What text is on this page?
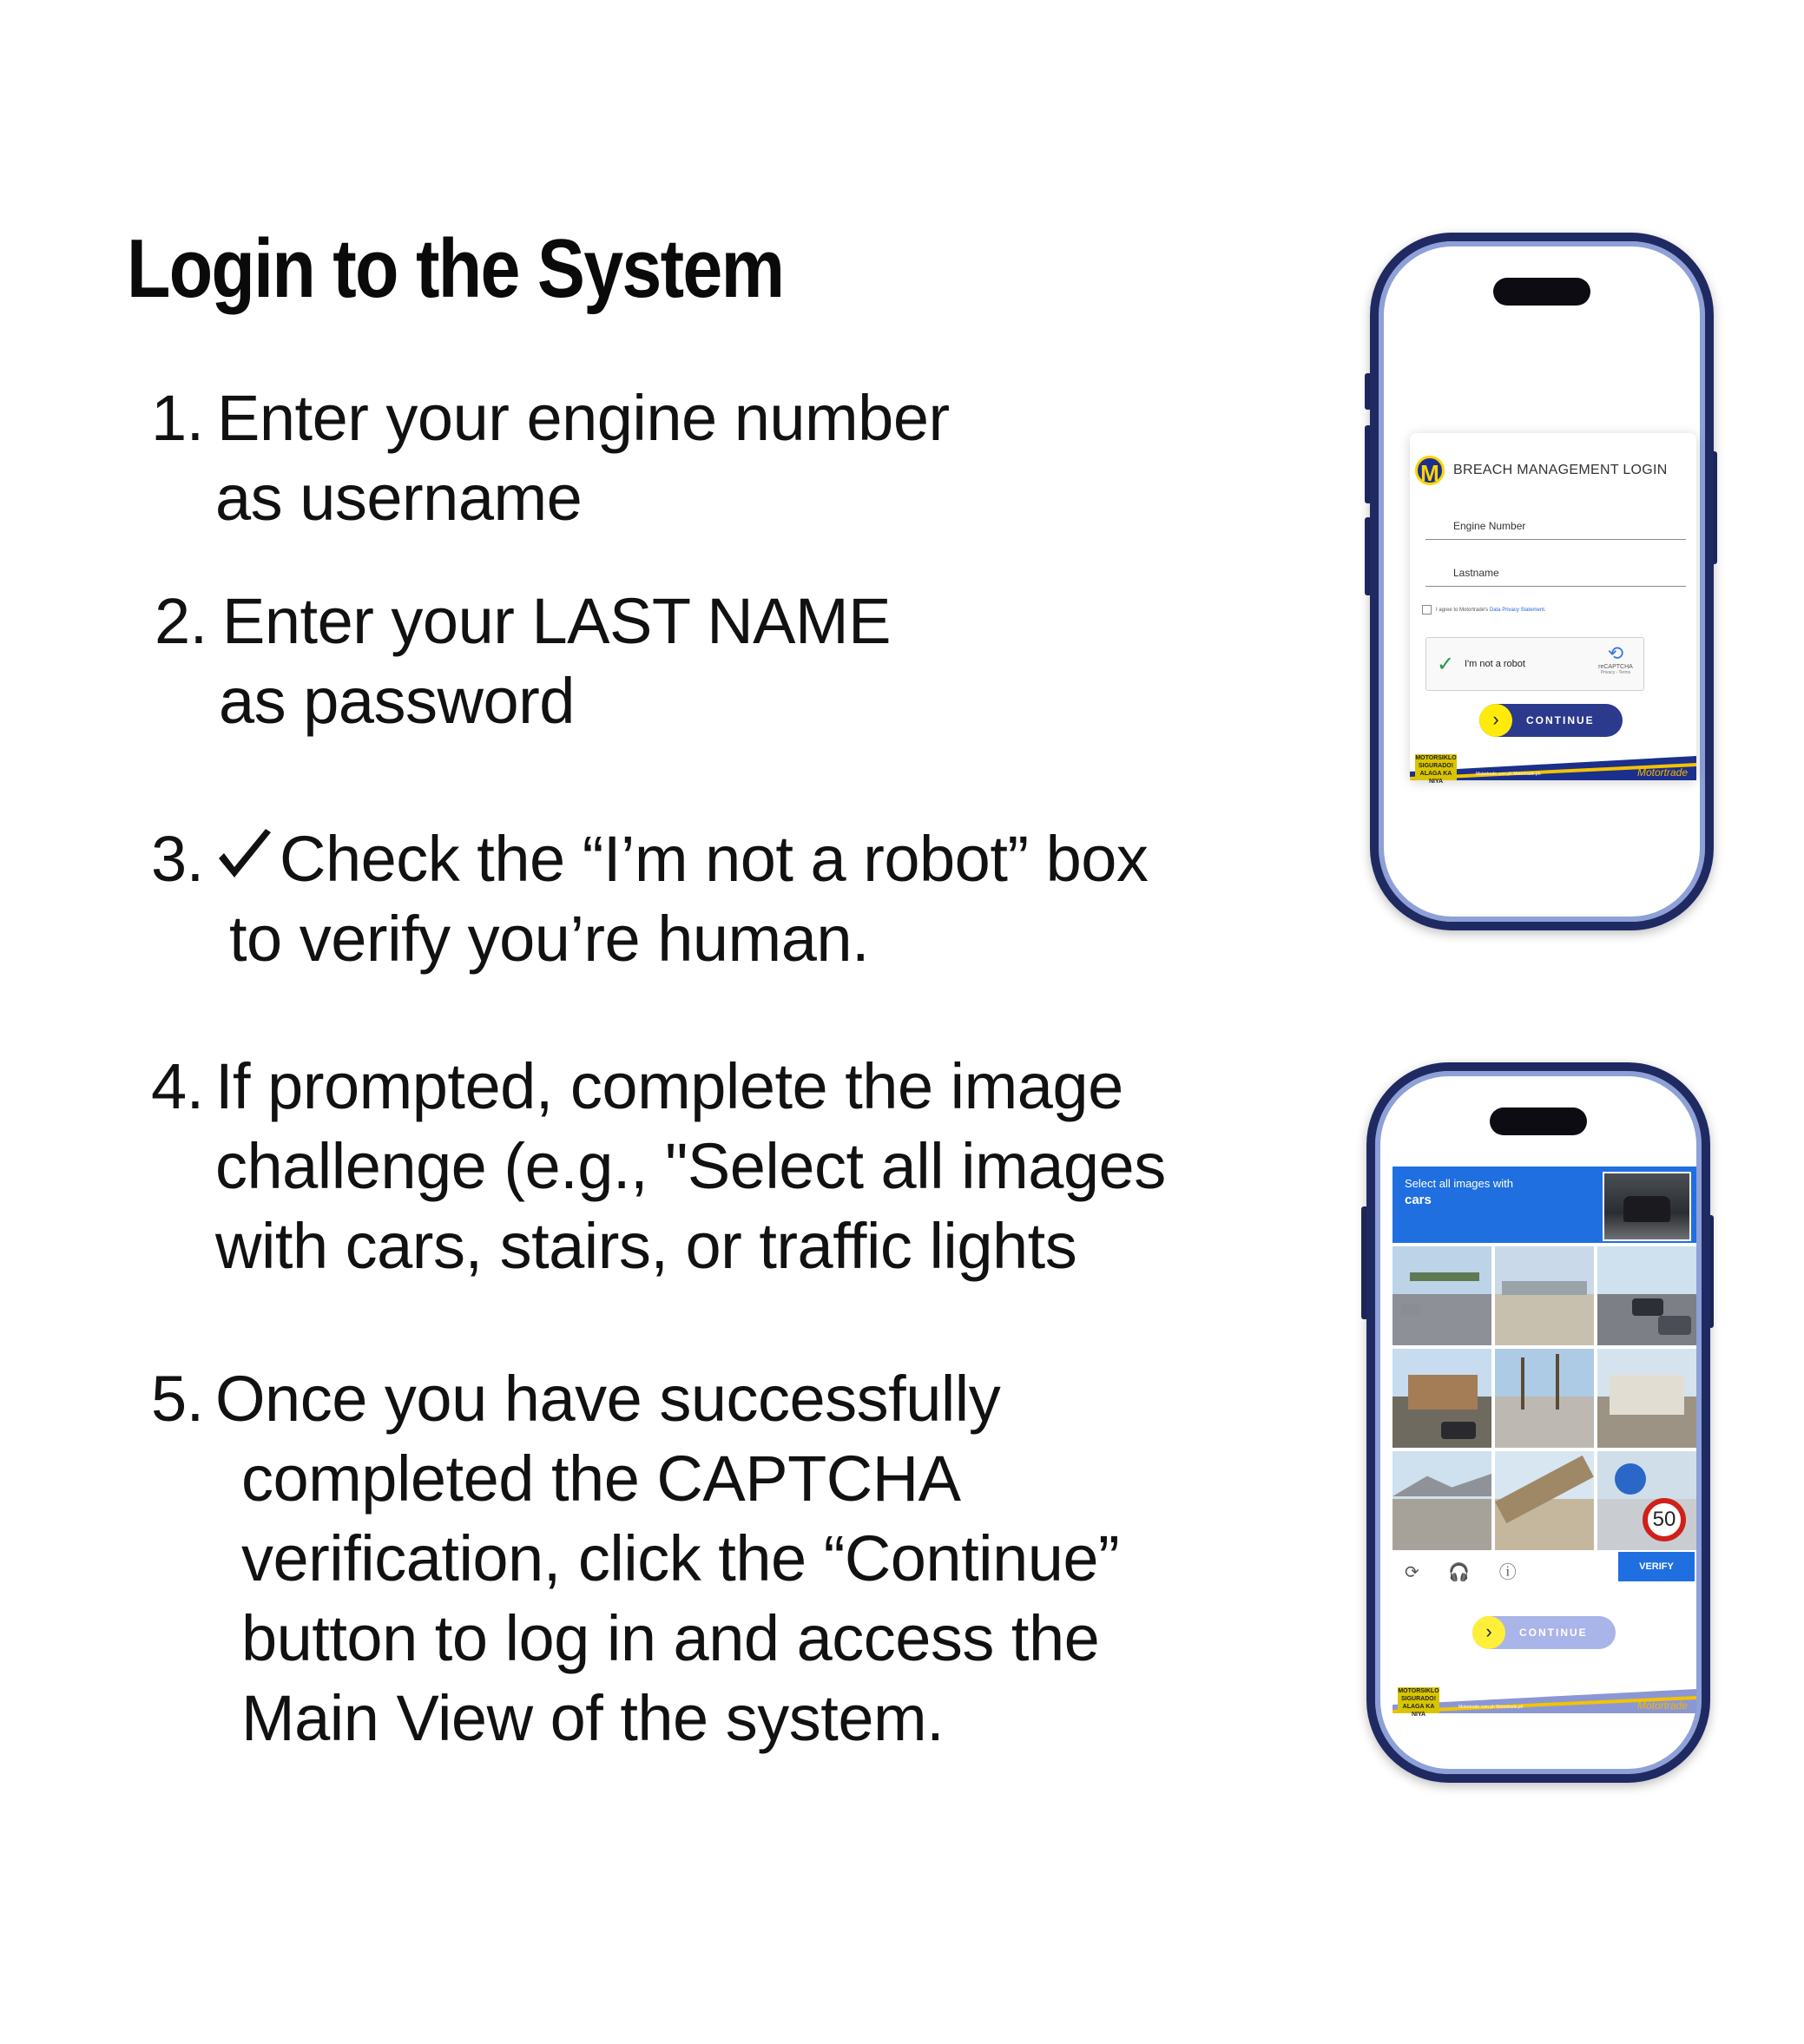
Login to the System
1. Enter your engine number
as username
2. Enter your LAST NAME
as password
3.	Check the “I’m not a robot” box
to verify you’re human.
4. If prompted, complete the image
challenge (e.g., "Select all images
with cars, stairs, or traffic lights
5. Once you have successfully
completed the CAPTCHA
verification, click the “Continue”
button to log in and access the
Main View of the system.
M	BREACH MANAGEMENT LOGIN
Engine Number
Lastname
I agree to Motortrade's Data Privacy Statement.
✓ I'm not a robot	⟲
reCAPTCHA
Privacy - Terms
›	CONTINUE
MOTORSIKLO SIGURADO! ALAGA KA NIYA
Motortrade.com.ph Motortrade.ph	Motortrade
Select all images with
cars
50
⟳ 🎧 ⓘ	VERIFY
›	CONTINUE
MOTORSIKLO SIGURADO! ALAGA KA NIYA
Motortrade.com.ph Motortrade.ph	Motortrade
